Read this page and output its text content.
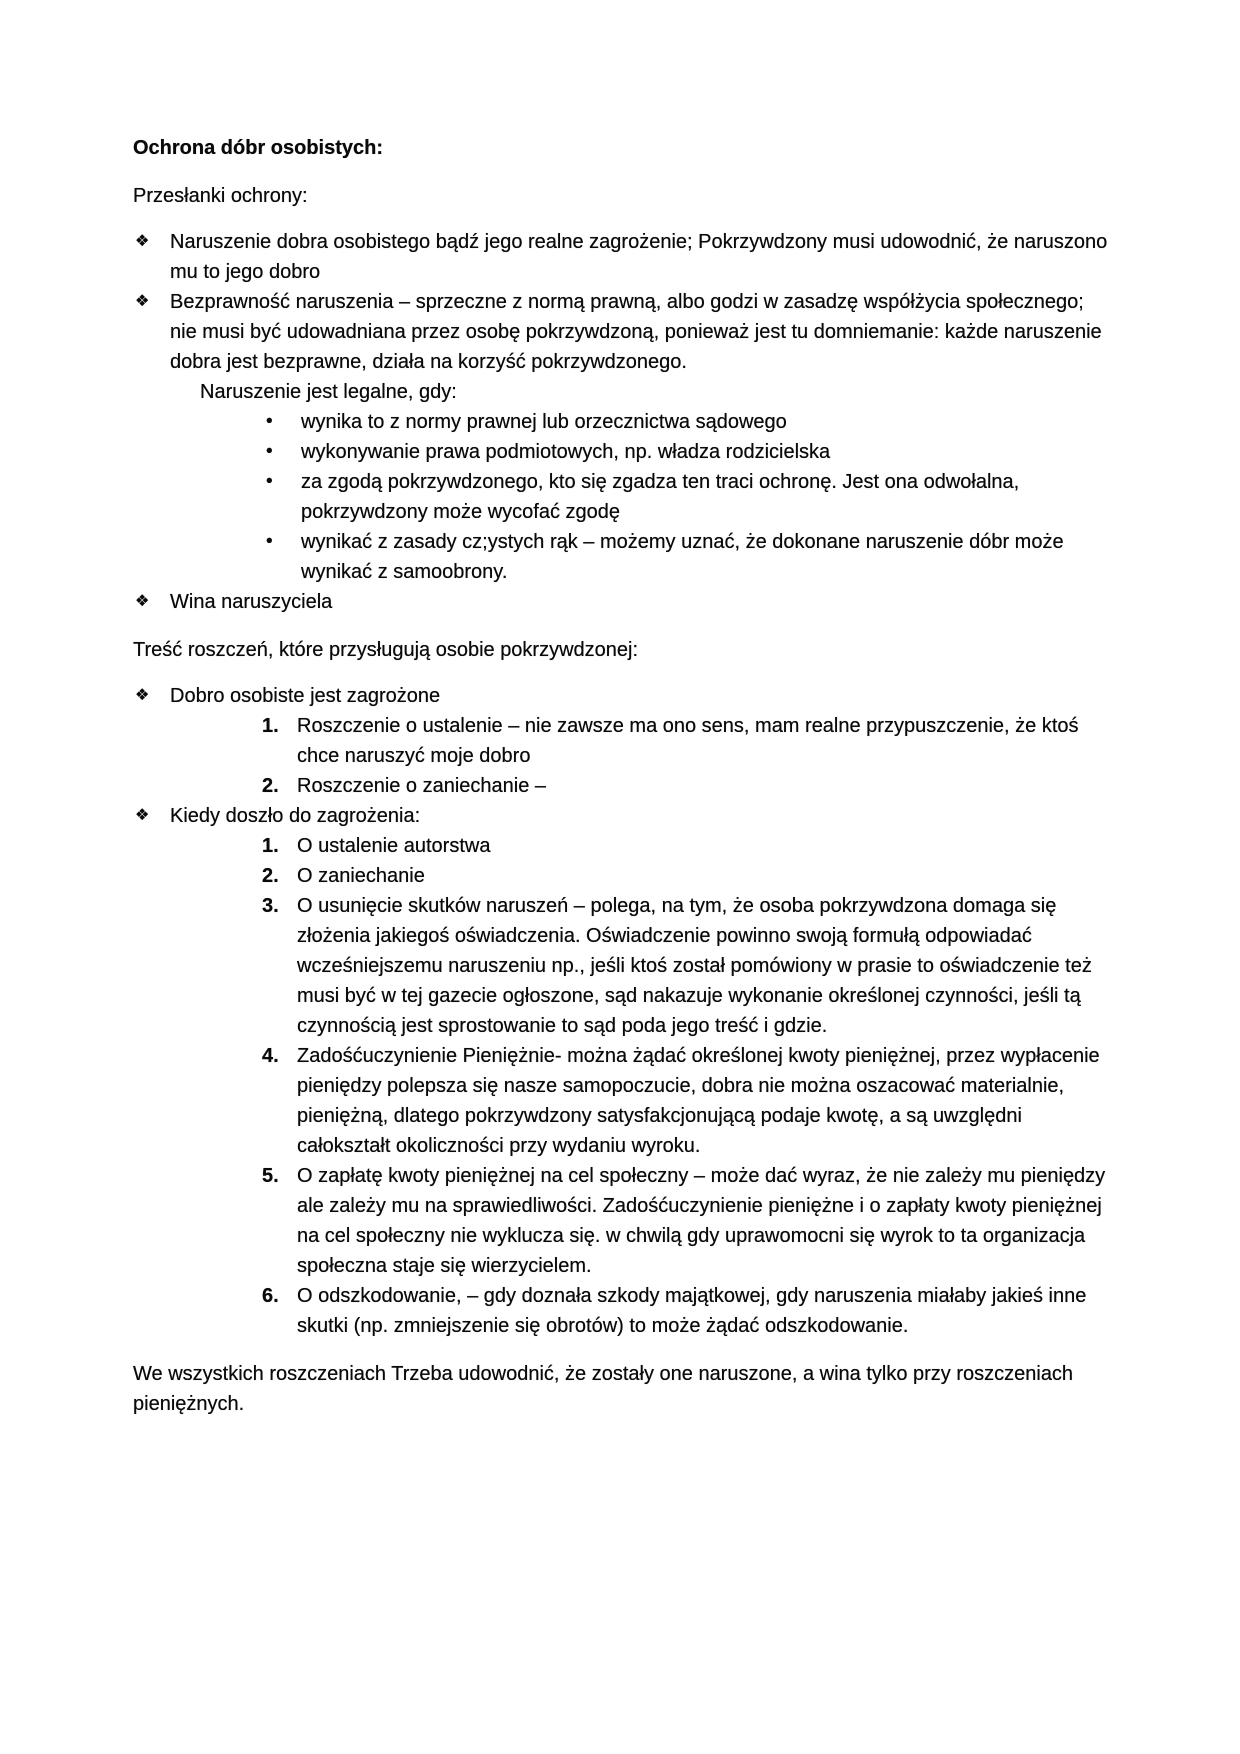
Ochrona dóbr osobistych:

Przesłanki ochrony:

❖	Naruszenie dobra osobistego bądź jego realne zagrożenie; Pokrzywdzony musi udowodnić, że naruszono mu to jego dobro
❖	Bezprawność naruszenia – sprzeczne z normą prawną, albo godzi w zasadzę współżycia społecznego; nie musi być udowadniana przez osobę pokrzywdzoną, ponieważ jest tu domniemanie: każde naruszenie dobra jest bezprawne, działa na korzyść pokrzywdzonego.
Naruszenie jest legalne, gdy:
•	wynika to z normy prawnej lub orzecznictwa sądowego
•	wykonywanie prawa podmiotowych, np. władza rodzicielska
•	za zgodą pokrzywdzonego, kto się zgadza ten traci ochronę. Jest ona odwołalna, pokrzywdzony może wycofać zgodę
•	wynikać z zasady cz;ystych rąk – możemy uznać, że dokonane naruszenie dóbr może wynikać z samoobrony.
❖	Wina naruszyciela

Treść roszczeń, które przysługują osobie pokrzywdzonej:

❖	Dobro osobiste jest zagrożone
1. Roszczenie o ustalenie – nie zawsze ma ono sens, mam realne przypuszczenie, że ktoś chce naruszyć moje dobro
2. Roszczenie o zaniechanie –
❖	Kiedy doszło do zagrożenia:
1. O ustalenie autorstwa
2. O zaniechanie
3. O usunięcie skutków naruszeń – polega, na tym, że osoba pokrzywdzona domaga się złożenia jakiegoś oświadczenia. Oświadczenie powinno swoją formułą odpowiadać wcześniejszemu naruszeniu np., jeśli ktoś został pomówiony w prasie to oświadczenie też musi być w tej gazecie ogłoszone, sąd nakazuje wykonanie określonej czynności, jeśli tą czynnością jest sprostowanie to sąd poda jego treść i gdzie.
4. Zadośćuczynienie Pieniężnie- można żądać określonej kwoty pieniężnej, przez wypłacenie pieniędzy polepsza się nasze samopoczucie, dobra nie można oszacować materialnie, pieniężną, dlatego pokrzywdzony satysfakcjonującą podaje kwotę, a są uwzględni całokształt okoliczności przy wydaniu wyroku.
5. O zapłatę kwoty pieniężnej na cel społeczny – może dać wyraz, że nie zależy mu pieniędzy ale zależy mu na sprawiedliwości. Zadośćuczynienie pieniężne i o zapłaty kwoty pieniężnej na cel społeczny nie wyklucza się. w chwilą gdy uprawomocni się wyrok to ta organizacja społeczna staje się wierzycielem.
6. O odszkodowanie, – gdy doznała szkody majątkowej, gdy naruszenia miałaby jakieś inne skutki (np. zmniejszenie się obrotów) to może żądać odszkodowanie.

We wszystkich roszczeniach Trzeba udowodnić, że zostały one naruszone, a wina tylko przy roszczeniach pieniężnych.
